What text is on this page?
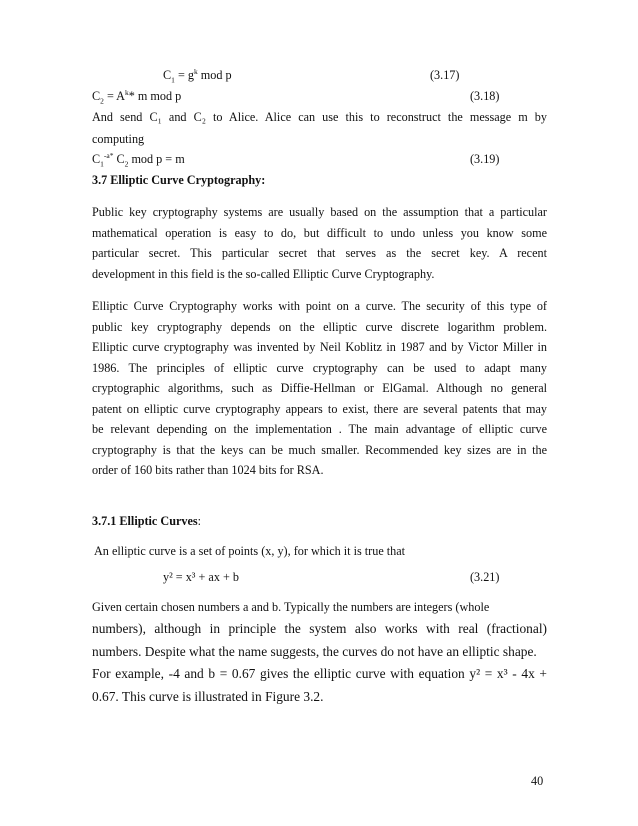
$C_1 = g^k$ mod p	(3.17)
$C_2 = A^k*$ m mod p	(3.18)
And send C₁ and C₂ to Alice. Alice can use this to reconstruct the message m by
computing
$C_1^{-a*}$ $C_2$ mod p = m	(3.19)
3.7 Elliptic Curve Cryptography:
Public key cryptography systems are usually based on the assumption that a particular
mathematical operation is easy to do, but difficult to undo unless you know some
particular secret. This particular secret that serves as the secret key. A recent
development in this field is the so-called Elliptic Curve Cryptography.
Elliptic Curve Cryptography works with point on a curve. The security of this type of
public key cryptography depends on the elliptic curve discrete logarithm problem.
Elliptic curve cryptography was invented by Neil Koblitz in 1987 and by Victor Miller in
1986. The principles of elliptic curve cryptography can be used to adapt many
cryptographic algorithms, such as Diffie-Hellman or ElGamal. Although no general
patent on elliptic curve cryptography appears to exist, there are several patents that may
be relevant depending on the implementation . The main advantage of elliptic curve
cryptography is that the keys can be much smaller. Recommended key sizes are in the
order of 160 bits rather than 1024 bits for RSA.
3.7.1 Elliptic Curves:
An elliptic curve is a set of points (x, y), for which it is true that
y² = x³ + ax + b	(3.21)
Given certain chosen numbers a and b. Typically the numbers are integers (whole
numbers), although in principle the system also works with real (fractional)
numbers. Despite what the name suggests, the curves do not have an elliptic shape.
For example, -4 and b = 0.67 gives the elliptic curve with equation y² = x³ - 4x +
0.67. This curve is illustrated in Figure 3.2.
40
